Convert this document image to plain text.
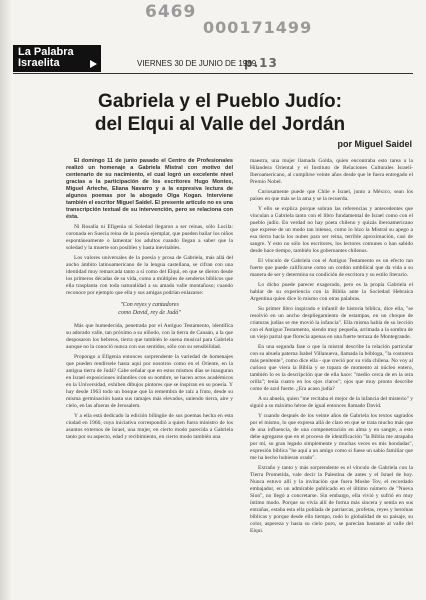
6469
000171499
p.13
La Palabra
Israelita	VIERNES 30 DE JUNIO DE 1989
Gabriela y el Pueblo Judío:
del Elqui al Valle del Jordán
por Miguel Saidel

El domingo 11 de junio pasado el Centro de Profesionales realizó un homenaje a Gabriela Mistral con motivo del centenario de su nacimiento, el cual logró un excelente nivel gracias a la participación de los escritores Hugo Montes, Miguel Arteche, Eliana Navarro y a la expresiva lectura de algunos poemas por la abogado Olga Kogan. Interviene también el escritor Miguel Saidel. El presente artículo no es una transcripción textual de su intervención, pero se relaciona con ésta.

Ni Rosalía ni Efigenia ni Soledad llegaron a ser reinas, sólo Lucila: coronada en Suecia reina de la poesía ejemplar, que pueden bailar los niños espontáneamente o lamentar los adultos cuando llegan a saber que la soledad y la muerte son posibles y hasta inevitables.

Los valores universales de la poesía y prosa de Gabriela, más allá del ancho ámbito latinoamericano de la lengua castellana, se cifran con una identidad muy remarcada tanto a sí como del Elqui, en que se dieron desde los primeros décadas de su vida, como a múltiples de senderos bíblicos que ella trasplanta con toda naturalidad a su amado valle montañoso; cuando reconoce por ejemplo que ella y sus amigas podrían enlazarse:

"Con reyes y cantadores
como David, rey de Judá"

Más que humedecida, penetrada por el Antiguo Testamento, identifica su adorado valle, tan próximo a su niñodo, con la tierra de Canaán, a la que desposaron los hebreos, tierra que también le suena musical para Gabriela aunque no la conoció nunca con sus sentidos, sólo con su sensibilidad.

Propongo a Efigenia entonces sorprendente la variedad de homenajes que pueden rendírsele hasta aquí por nosotros como en el Oriente, en la antigua tierra de Judá? Cabe señalar que en estos mismos días se inauguran en Israel exposiciones infantiles con su nombre, se hacen actos académicos en la Universidad, exhiben dibujos pintores que se inspiran en su poesía. Y hay desde 1963 todo un bosque que la remembra de raíz a fruto, desde su misma germinación hasta sus ramajes más elevados, uniendo tierra, aire y cielo, en las afueras de Jerusalem.

Y a ella está dedicado la edición bilingüe de sus poemas hecha en esta ciudad en 1966, cuya iniciativa correspondió a quien fuera ministro de los asuntos externos de Israel, una mujer, en cierto modo parecida a Gabriela tanto por su aspecto, edad y recibimiento, en cierto modo también una

maestra, una mujer llamada Golda, quien encontraba esto tarea a la Hilandera Oriental y el Instituto de Relaciones Culturales Israelí-Iberoamericano, al cumplirse veinte años desde que le fuera entregado el Premio Nobel.

Curiosamente puede que Chile e Israel, junto a México, sean los países en que más se la ama y se la recuerda.

Y ello se explica porque sobran las referencias y antecedentes que vinculan a Gabriela tanto con el libro fundamental de Israel como con el pueblo judío. En verdad no hay poeta chileno y quizás iberoamericano que exprese de un modo tan intenso, como lo hizo la Mistral su apego a esa tierra hacia los nubes para ser reina, terrible aproximación, casi de sangre. Y esto no sólo los escritores, los lectores comunes o han sabido desde hace tiempo, también los gobernantes chilenos.

El vínculo de Gabriela con el Antiguo Testamento es un efecto tan fuerte que puede calificarse como un cordón umbilical que da vida a su manera de ser y determina su condición de escritora y su estilo literario.

Lo dicho puede parecer exagerado, pero es la propia Gabriela el hablar de su experiencia con la Biblia ante la Sociedad Hebraica Argentina quien dice lo mismo con otras palabras.

Su primer libro inspirado e infantil de historia bíblica, dice ella, "se resolvió en un ancho despliegamiento de estampas, en un choque de criaturas judías se me movió la infancia". Ella misma habla de su lección con el Antiguo Testamento, siendo muy pequeña, arrimada a la sombra de un viejo parral que florecía apenas en una fuerte terraza de Montegrande.

En una segunda fase o que la mistral describe la relación particular con su abuela paterna Isabel Villanueva, llamada la bóbloga, "la costurera más penitente", como dice ella - que creció por su vida chilena. No voy al curioso que viera la Biblia y se topara de momento al núcleo entero, también lo es la descripción que de ella hace: "medio cerca de en la otra orilla"; tenía cuatro en los ojos claros"; ojos que muy pronto describe como de azul fuerte. ¿Era acaso judía?

A su abuela, quien "me recitaba el mejor de la infancia del misterio" y siguió a su máximo héroe de igual entonces llamado David.

Y cuando después de los veinte años de Gabriela los textos sagrados por el mismo, lo que expresa allá de claro en que se trata mucho más que de una influencia, de una compenetración en alma y en sangre, a esto debe agregarse que en el proceso de identificación "la Biblia me atrapaba por mí, su gran legado simplemente y muchas veces es mis hondadas", expresión bíblica "he aquí a un amigo como si fuese un sabio familiar que me ha hecho hubieran orado".

Extraño y tanto y más sorprendente es el vínculo de Gabriela con la Tierra Prometida, vale decir la Palestina de antes y el Israel de hoy. Nunca estuvo allí y la invitación que fuera Moshe Tov, el recordado embajador, en un admirable publicado en el último número de "Nueva Sion", no llegó a concretarse. Sin embargo, ella vivió y sufrió en muy íntimo modo. Porque su vivía allí de forma más sincera y sentía en sus entrañas, estaba esta ella poblada de patriarcas, profetas, reyes y heroínas bíblicas y porque desde ella tiempo, todo lo globalidad de su paisaje, su color, aspereza y hasta su cielo puro, se parecían bastante al valle del Elqui.
